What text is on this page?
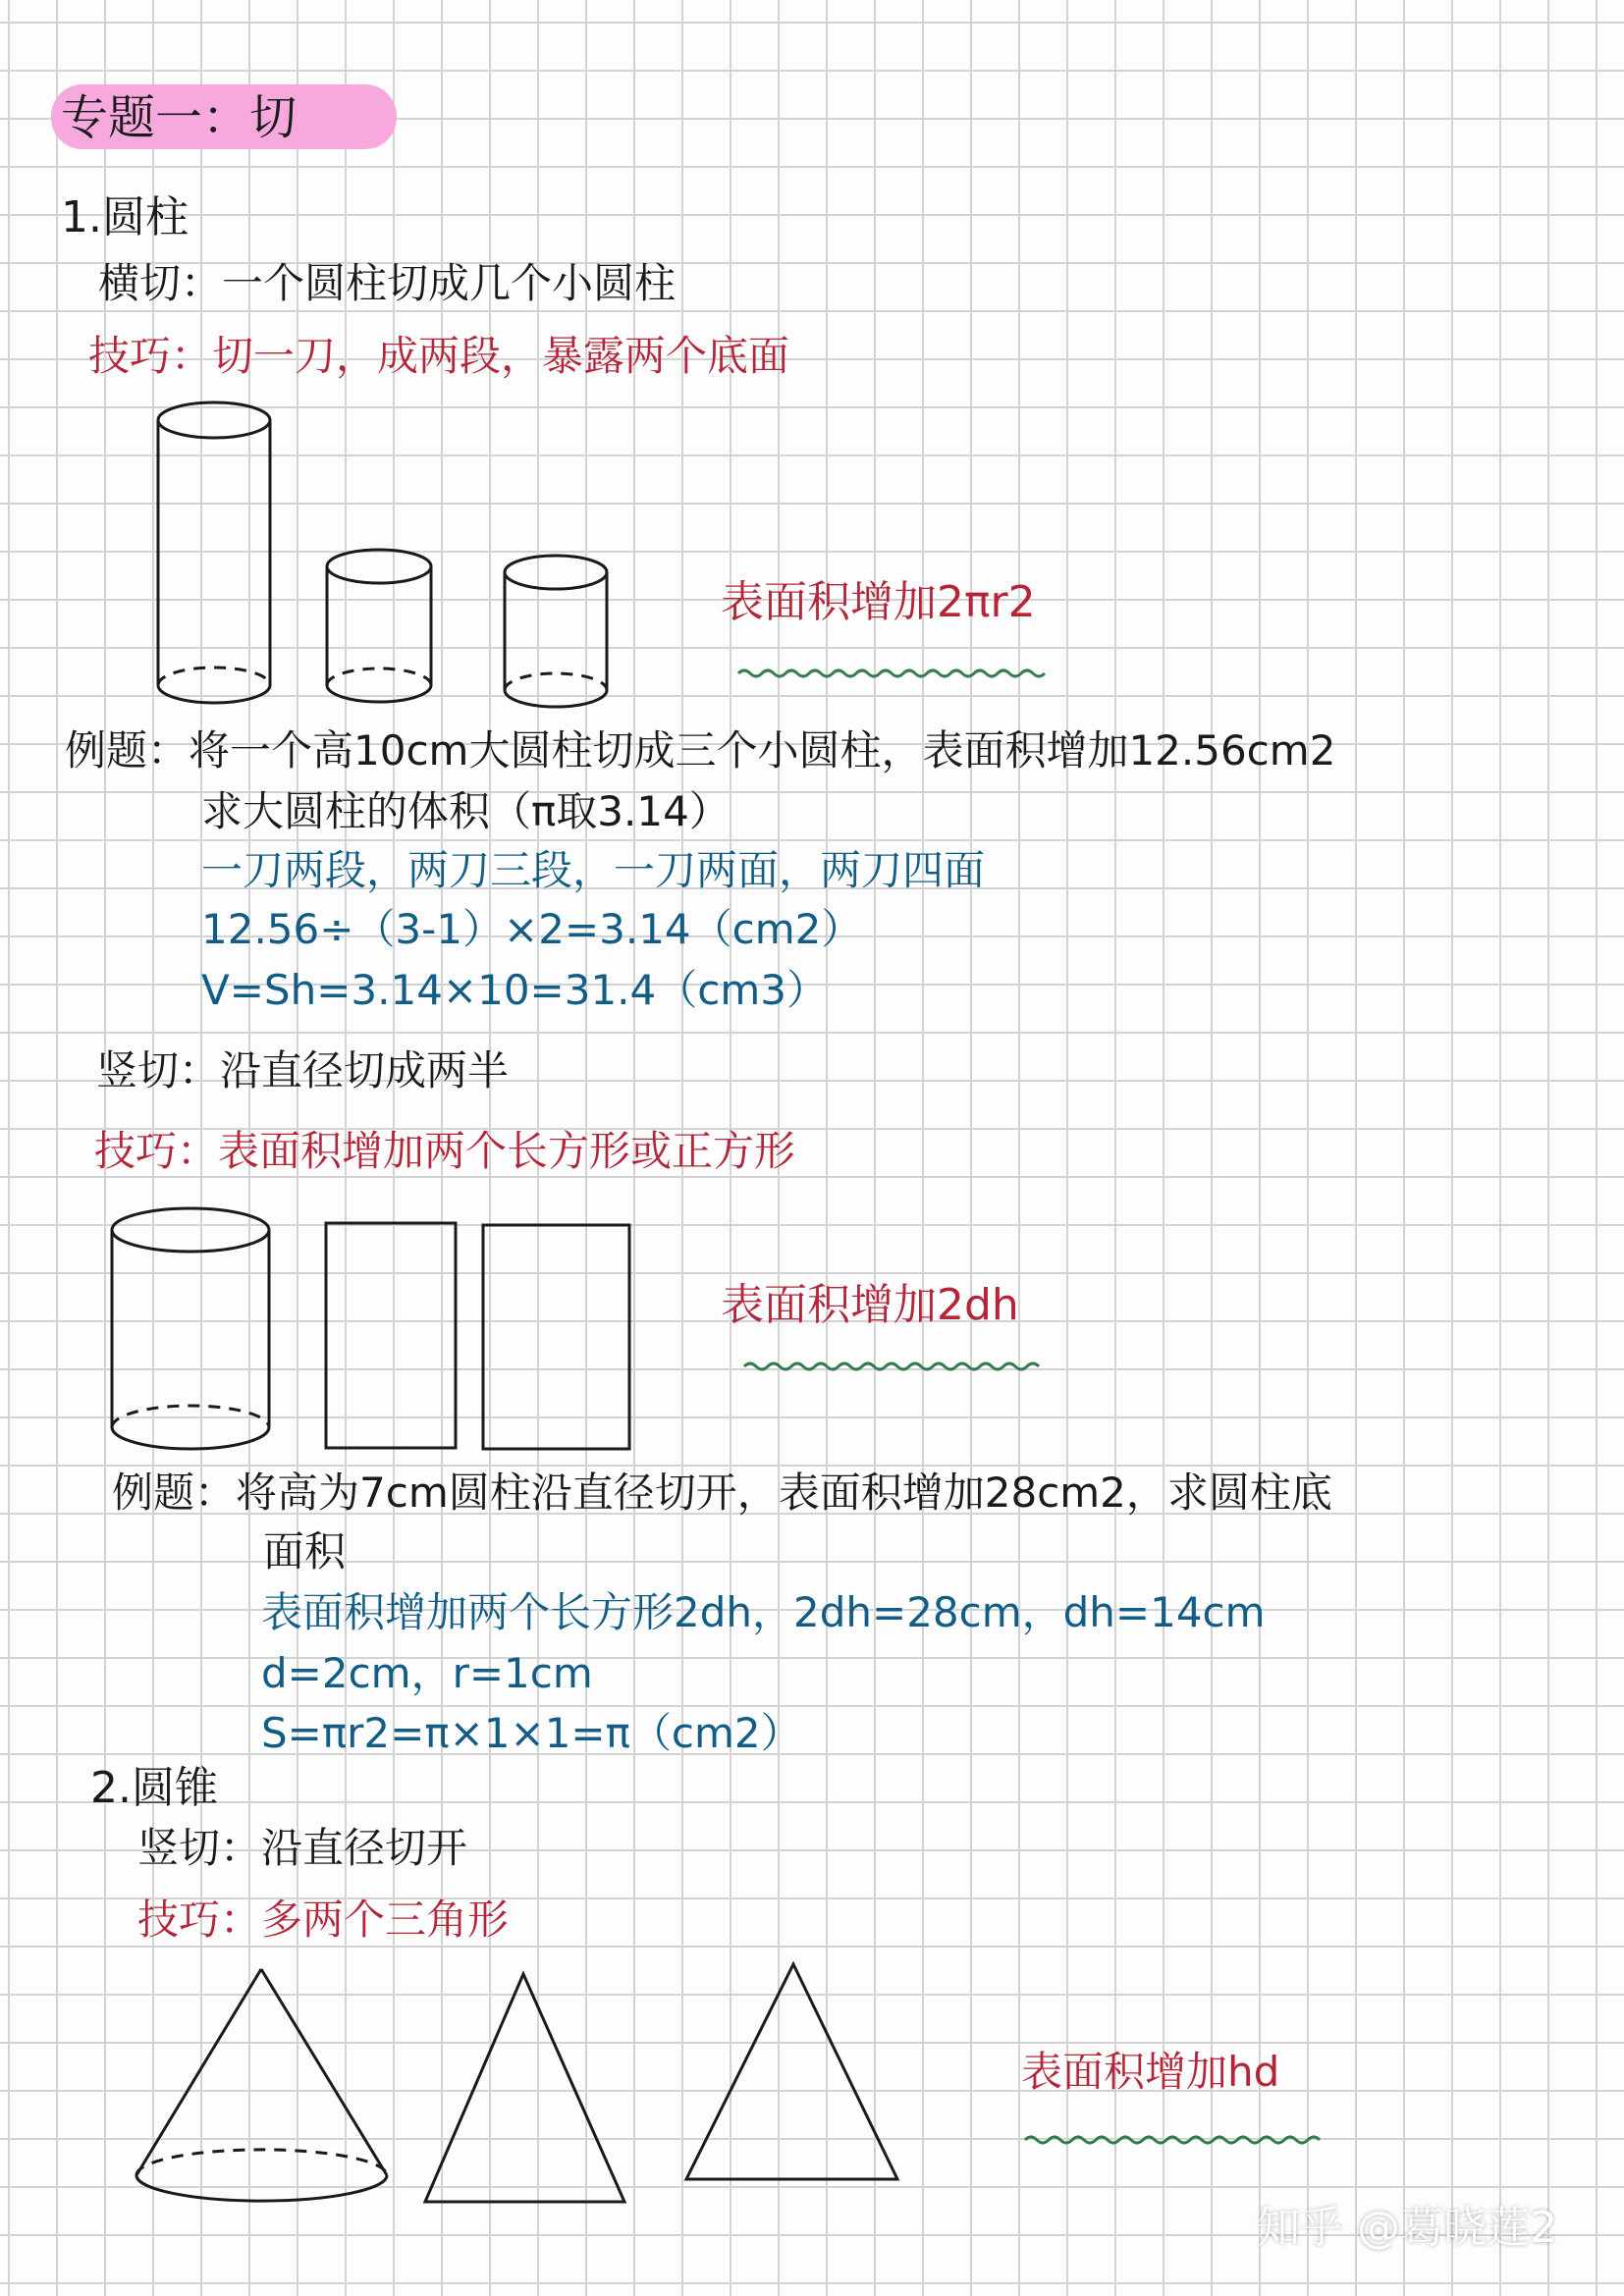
专题一：切
1.圆柱
横切：一个圆柱切成几个小圆柱
技巧：切一刀，成两段，暴露两个底面
表面积增加2πr2
例题：将一个高10cm大圆柱切成三个小圆柱，表面积增加12.56cm2
求大圆柱的体积（π取3.14）
一刀两段，两刀三段，一刀两面，两刀四面
12.56÷（3-1）×2=3.14（cm2）
V=Sh=3.14×10=31.4（cm3）
竖切：沿直径切成两半
技巧：表面积增加两个长方形或正方形
表面积增加2dh
例题：将高为7cm圆柱沿直径切开，表面积增加28cm2，求圆柱底
面积
表面积增加两个长方形2dh，2dh=28cm，dh=14cm
d=2cm，r=1cm
S=πr2=π×1×1=π（cm2）
2.圆锥
竖切：沿直径切开
技巧：多两个三角形
表面积增加hd
知乎 @葛晓莲2
